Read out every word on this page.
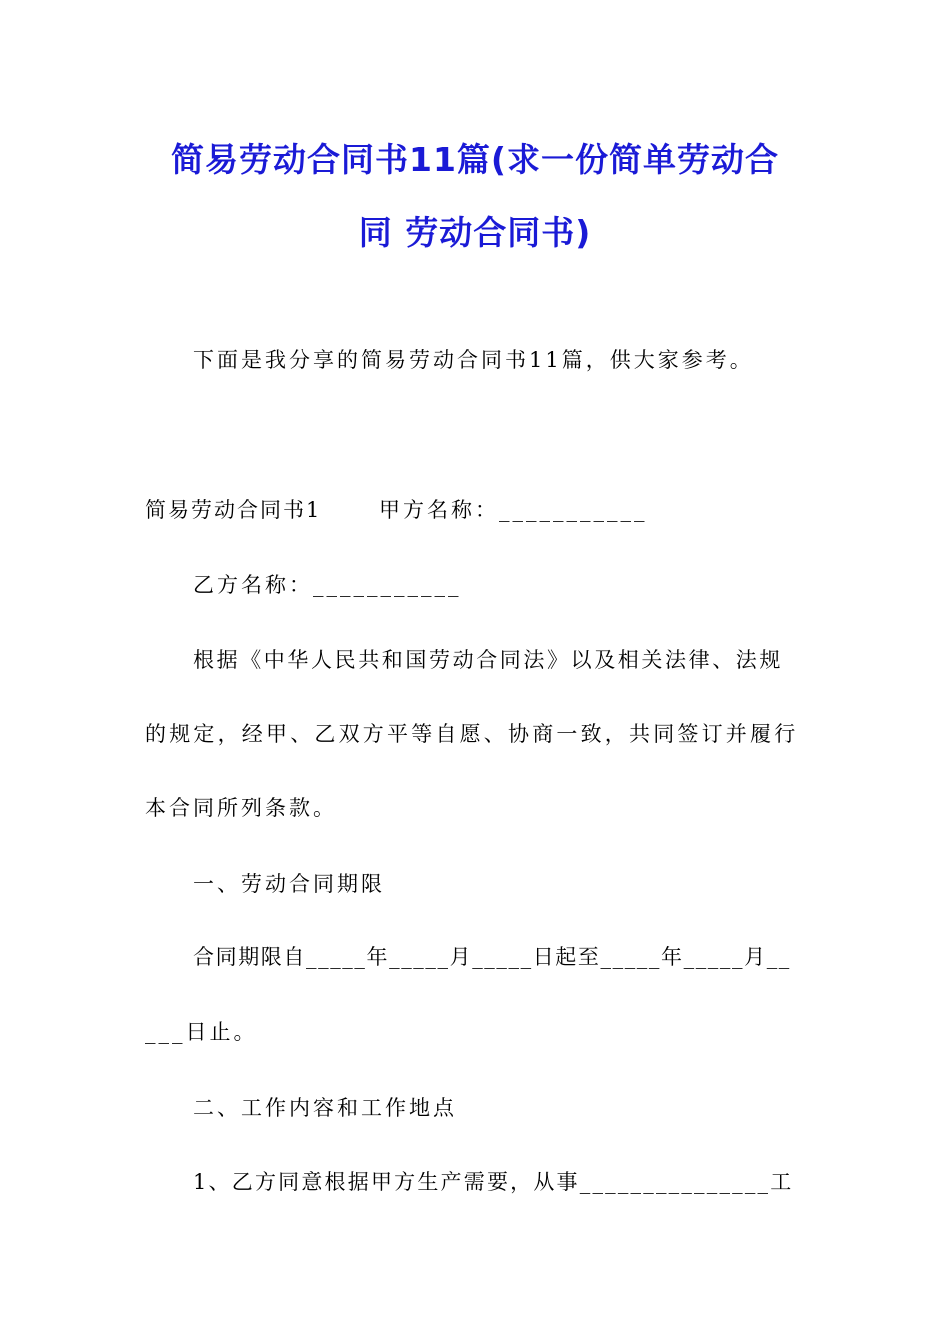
简易劳动合同书11篇(求一份简单劳动合
同 劳动合同书)
下面是我分享的简易劳动合同书11篇，供大家参考。
简易劳动合同书1	甲方名称：___________
乙方名称：___________
根据《中华人民共和国劳动合同法》以及相关法律、法规
的规定，经甲、乙双方平等自愿、协商一致，共同签订并履行
本合同所列条款。
一、劳动合同期限
合同期限自_____年_____月_____日起至_____年_____月__
___日止。
二、工作内容和工作地点
1、乙方同意根据甲方生产需要，从事_______________工
